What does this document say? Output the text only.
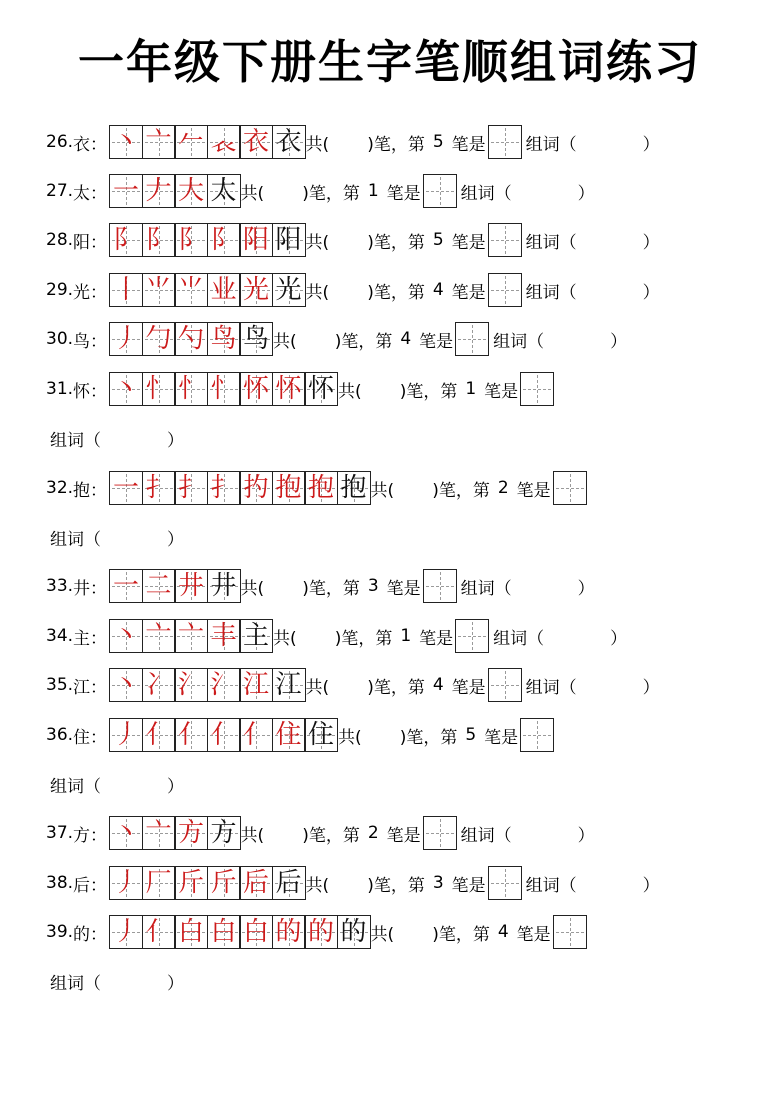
一年级下册生字笔顺组词练习
26. 衣 ： 丶 亠 𠂉 𧘇 衣 衣 共( )笔，第 5 笔是 组词（	）
27. 太 ： 一 𠂇 大 太 共( )笔，第 1 笔是 组词（	）
28. 阳 ： 阝 阝 阝 阝 阳 阳 共( )笔，第 5 笔是 组词（	）
29. 光 ： 丨 ⺌ ⺌ 业 光 光 共( )笔，第 4 笔是 组词（	）
30. 鸟 ： 丿 勹 勺 鸟 鸟 共( )笔，第 4 笔是 组词（	）
31. 怀 ： 丶 忄 忄 忄 怀 怀 怀 共( )笔，第 1 笔是
组词（	）
32. 抱 ： 一 扌 扌 扌 扚 抱 抱 抱 共( )笔，第 2 笔是
组词（	）
33. 井 ： 一 二 井 井 共( )笔，第 3 笔是 组词（	）
34. 主 ： 丶 亠 亠 丰 主 共( )笔，第 1 笔是 组词（	）
35. 江 ： 丶 冫 氵 氵 江 江 共( )笔，第 4 笔是 组词（	）
36. 住 ： 丿 亻 亻 亻 亻 住 住 共( )笔，第 5 笔是
组词（	）
37. 方 ： 丶 亠 方 方 共( )笔，第 2 笔是 组词（	）
38. 后 ： 丿 厂 斤 斤 后 后 共( )笔，第 3 笔是 组词（	）
39. 的 ： 丿 亻 白 白 白 的 的 的 共( )笔，第 4 笔是
组词（	）
